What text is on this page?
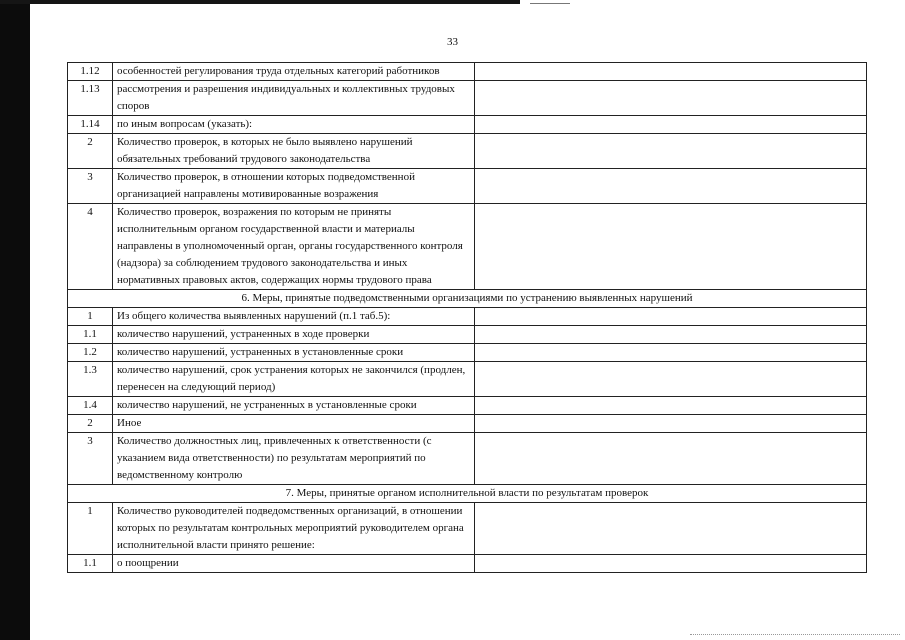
33
1.12	особенностей регулирования труда отдельных категорий работников	
1.13	рассмотрения и разрешения индивидуальных и коллективных трудовых споров	
1.14	по иным вопросам (указать):	
2	Количество проверок, в которых не было выявлено нарушений обязательных требований трудового законодательства	
3	Количество проверок, в отношении которых подведомственной организацией направлены мотивированные возражения	
4	Количество проверок, возражения по которым не приняты исполнительным органом государственной власти и материалы направлены в уполномоченный орган, органы государственного контроля (надзора) за соблюдением трудового законодательства и иных нормативных правовых актов, содержащих нормы трудового права	
6. Меры, принятые подведомственными организациями по устранению выявленных нарушений		
1	Из общего количества выявленных нарушений (п.1 таб.5):	
1.1	количество нарушений, устраненных в ходе проверки	
1.2	количество нарушений, устраненных в установленные сроки	
1.3	количество нарушений, срок устранения которых не закончился (продлен, перенесен на следующий период)	
1.4	количество нарушений, не устраненных в установленные сроки	
2	Иное	
3	Количество должностных лиц, привлеченных к ответственности (с указанием вида ответственности) по результатам мероприятий по ведомственному контролю	
7. Меры, принятые органом исполнительной власти по результатам проверок		
1	Количество руководителей подведомственных организаций, в отношении которых по результатам контрольных мероприятий руководителем органа исполнительной власти принято решение:	
1.1	о поощрении	
